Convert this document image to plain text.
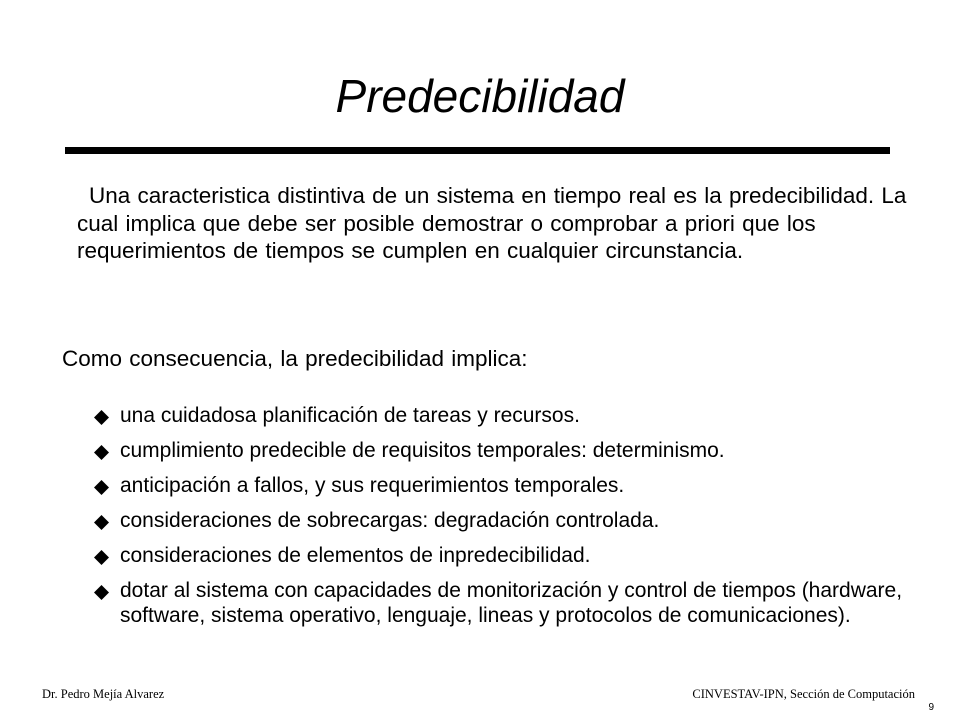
Predecibilidad
Una caracteristica distintiva de un sistema en tiempo real es la predecibilidad. La cual implica que debe ser posible demostrar o comprobar a priori que los requerimientos de tiempos se cumplen en cualquier circunstancia.
Como consecuencia, la predecibilidad implica:
una cuidadosa planificación de tareas y recursos.
cumplimiento predecible de requisitos temporales: determinismo.
anticipación a fallos, y sus requerimientos temporales.
consideraciones de sobrecargas: degradación controlada.
consideraciones de elementos de inpredecibilidad.
dotar al sistema con capacidades de monitorización y control de tiempos (hardware, software, sistema operativo, lenguaje, lineas y protocolos de comunicaciones).
Dr. Pedro Mejía Alvarez	CINVESTAV-IPN, Sección de Computación
9
